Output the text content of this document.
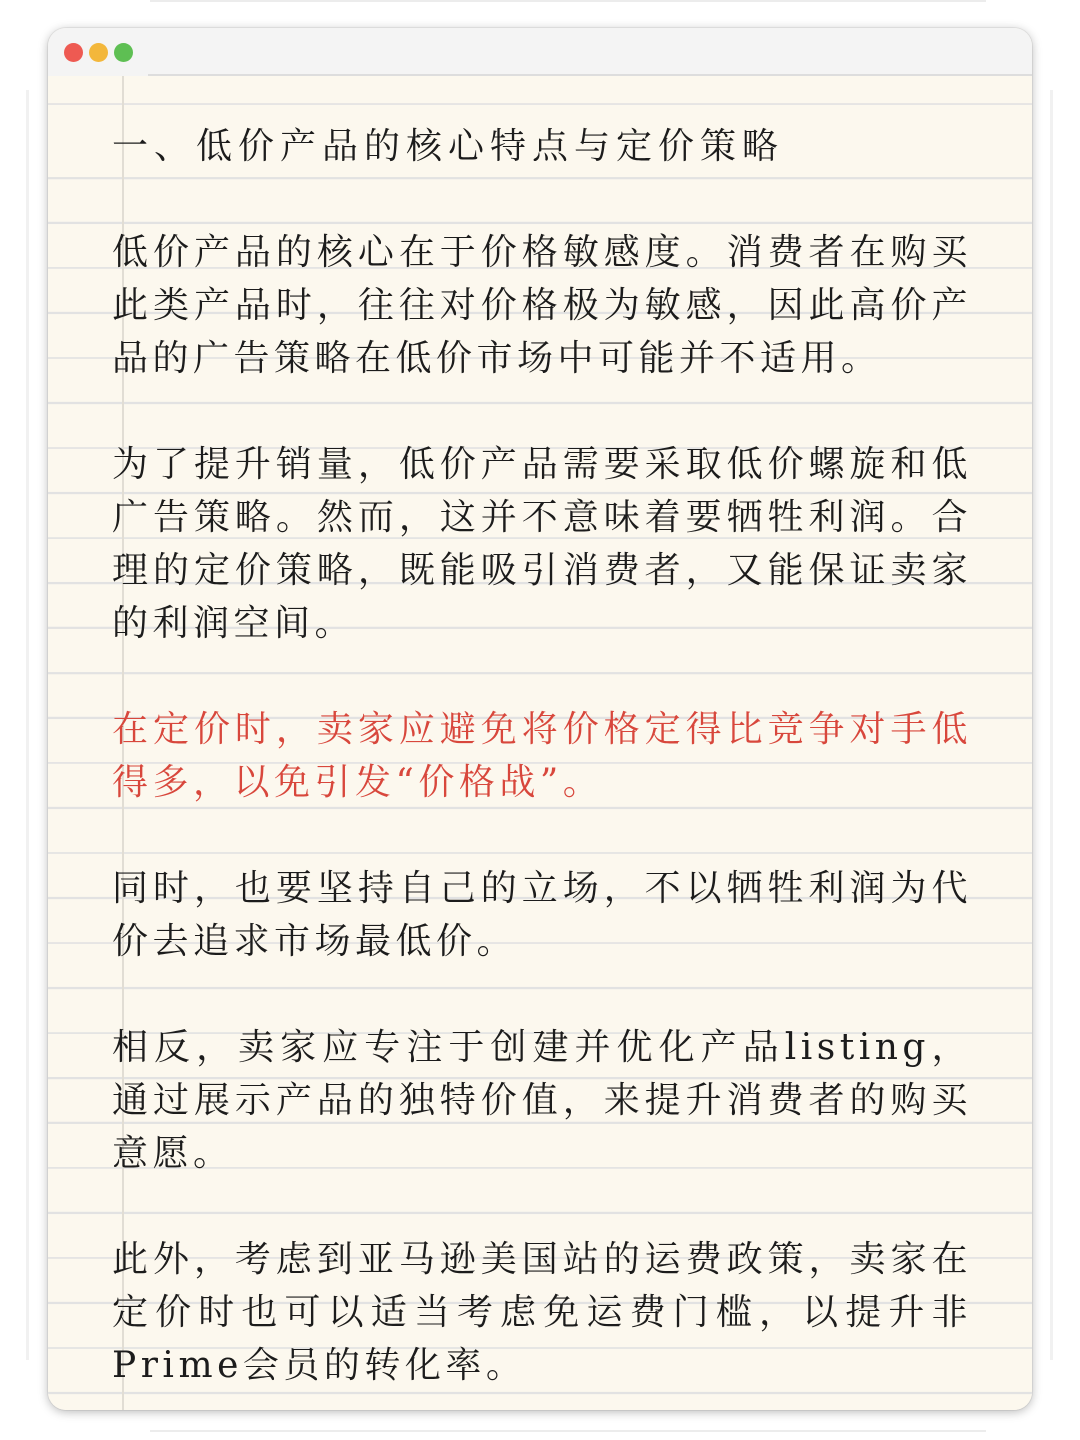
一、低价产品的核心特点与定价策略

低价产品的核心在于价格敏感度。消费者在购买此类产品时，往往对价格极为敏感，因此高价产品的广告策略在低价市场中可能并不适用。

为了提升销量，低价产品需要采取低价螺旋和低广告策略。然而，这并不意味着要牺牲利润。合理的定价策略，既能吸引消费者，又能保证卖家的利润空间。

在定价时，卖家应避免将价格定得比竞争对手低得多，以免引发“价格战”。

同时，也要坚持自己的立场，不以牺牲利润为代价去追求市场最低价。

相反，卖家应专注于创建并优化产品listing，通过展示产品的独特价值，来提升消费者的购买意愿。

此外，考虑到亚马逊美国站的运费政策，卖家在定价时也可以适当考虑免运费门槛，以提升非Prime会员的转化率。
